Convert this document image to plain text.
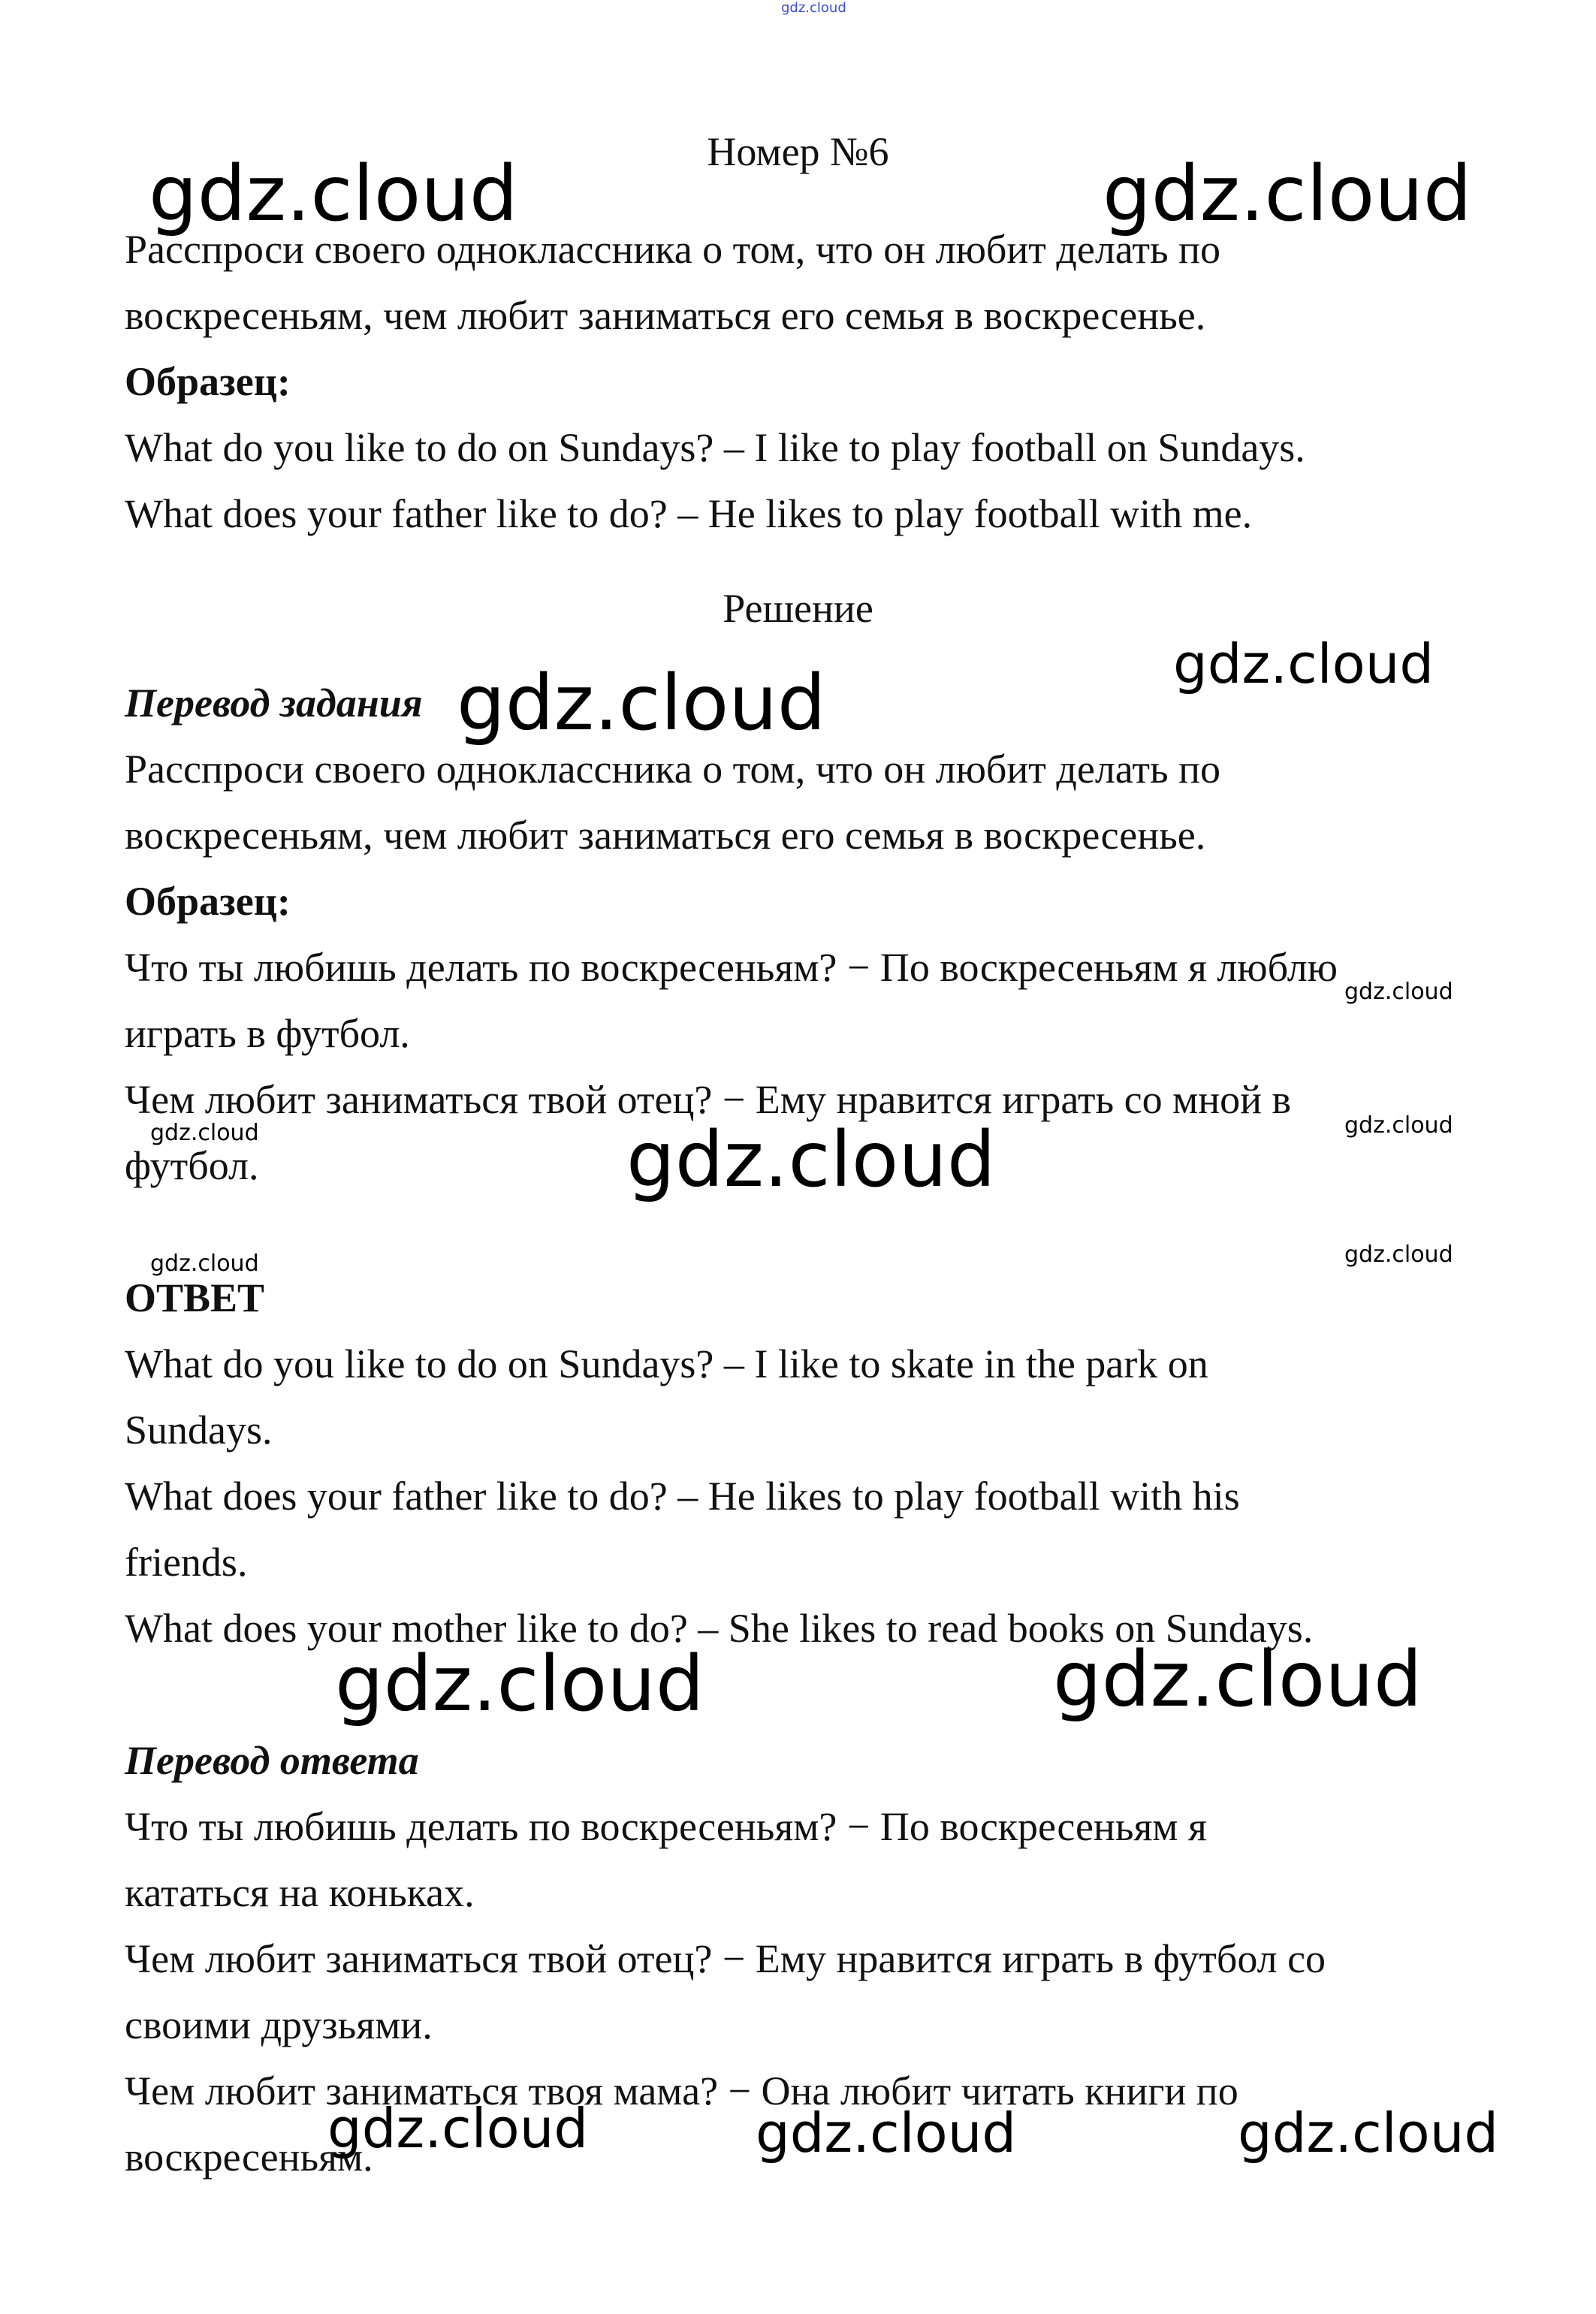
gdz.cloud
Номер №6
Расспроси своего одноклассника о том, что он любит делать по
воскресеньям, чем любит заниматься его семья в воскресенье.
Образец:
What do you like to do on Sundays? – I like to play football on Sundays.
What does your father like to do? – He likes to play football with me.
Решение
Перевод задания
Расспроси своего одноклассника о том, что он любит делать по
воскресеньям, чем любит заниматься его семья в воскресенье.
Образец:
Что ты любишь делать по воскресеньям? − По воскресеньям я люблю
играть в футбол.
Чем любит заниматься твой отец? − Ему нравится играть со мной в
футбол.
ОТВЕТ
What do you like to do on Sundays? – I like to skate in the park on
Sundays.
What does your father like to do? – He likes to play football with his
friends.
What does your mother like to do? – She likes to read books on Sundays.
Перевод ответа
Что ты любишь делать по воскресеньям? − По воскресеньям я
кататься на коньках.
Чем любит заниматься твой отец? − Ему нравится играть в футбол со
своими друзьями.
Чем любит заниматься твоя мама? − Она любит читать книги по
воскресеньям.
gdz.cloud	gdz.cloud
gdz.cloud
gdz.cloud
gdz.cloud
gdz.cloud	gdz.cloud
gdz.cloud
gdz.cloud	gdz.cloud
gdz.cloud	gdz.cloud
gdz.cloud	gdz.cloud	gdz.cloud
